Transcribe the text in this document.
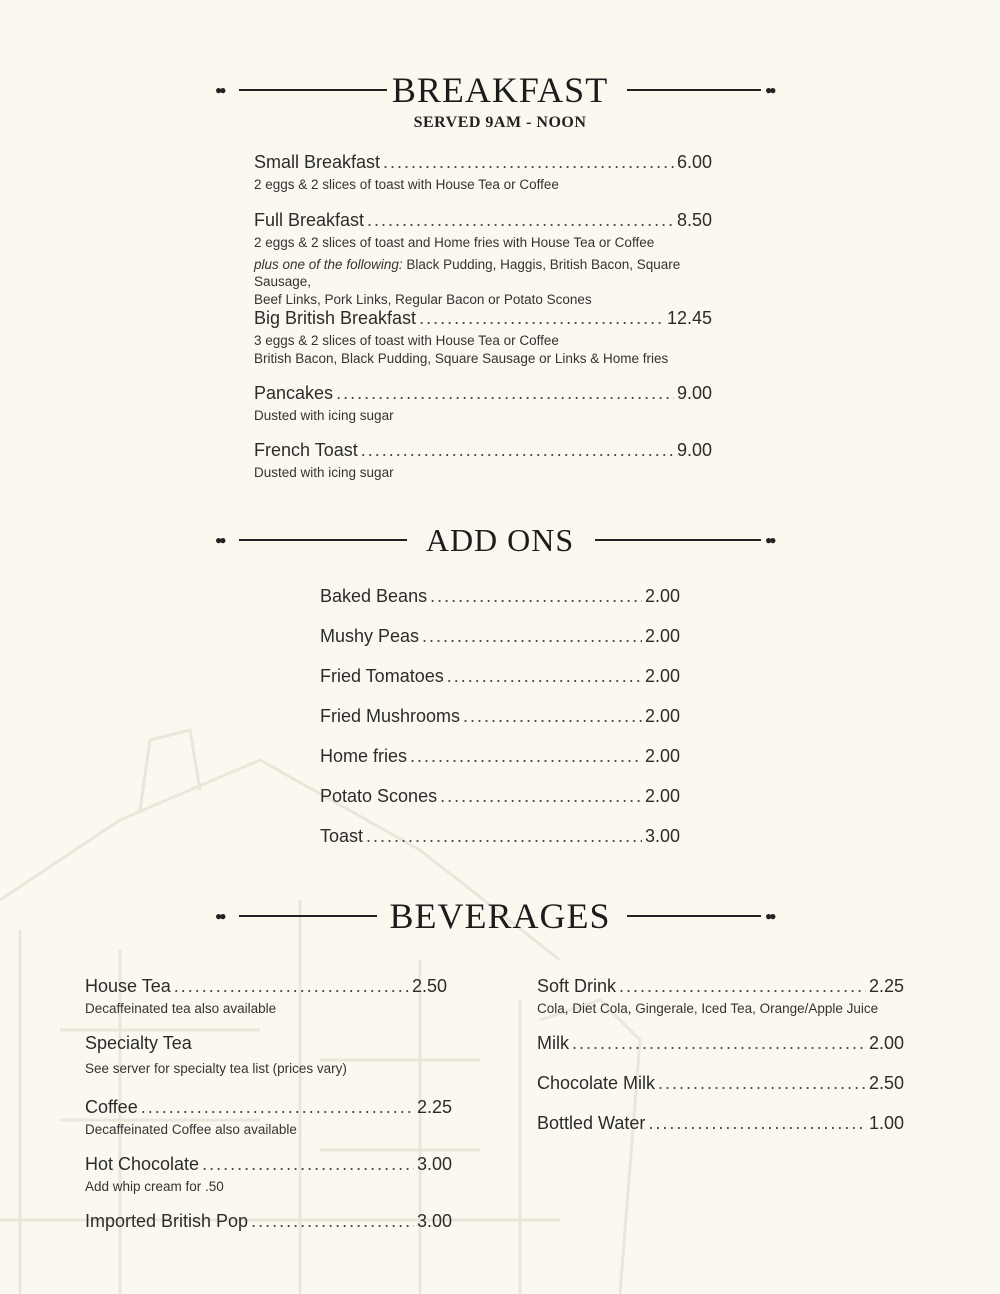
●●	BREAKFAST	●●
SERVED 9AM - NOON
Small Breakfast .....	6.00
2 eggs & 2 slices of toast with House Tea or Coffee
Full Breakfast .....	8.50
2 eggs & 2 slices of toast and Home fries with House Tea or Coffee
plus one of the following: Black Pudding, Haggis, British Bacon, Square Sausage,
Beef Links, Pork Links, Regular Bacon or Potato Scones
Big British Breakfast .....	12.45
3 eggs & 2 slices of toast with House Tea or Coffee
British Bacon, Black Pudding, Square Sausage or Links & Home fries
Pancakes .....	9.00
Dusted with icing sugar
French Toast .....	9.00
Dusted with icing sugar
●●	ADD ONS	●●
Baked Beans .....	2.00
Mushy Peas .....	2.00
Fried Tomatoes .....	2.00
Fried Mushrooms .....	2.00
Home fries .....	2.00
Potato Scones .....	2.00
Toast .....	3.00
●●	BEVERAGES	●●
House Tea .....	2.50
Decaffeinated tea also available
Specialty Tea
See server for specialty tea list (prices vary)
Coffee .....	2.25
Decaffeinated Coffee also available
Hot Chocolate .....	3.00
Add whip cream for .50
Imported British Pop .....	3.00
Soft Drink .....	2.25
Cola, Diet Cola, Gingerale, Iced Tea, Orange/Apple Juice
Milk .....	2.00
Chocolate Milk .....	2.50
Bottled Water .....	1.00
